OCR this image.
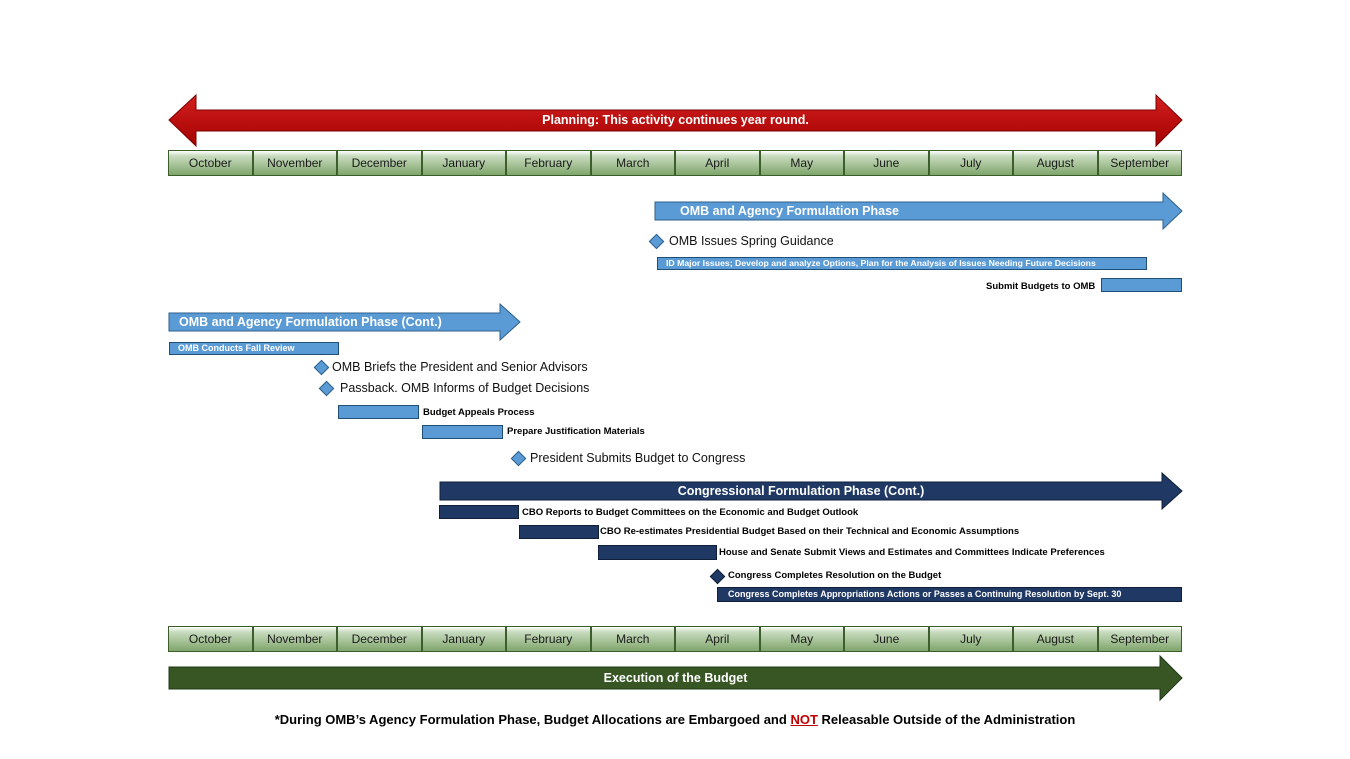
Planning: This activity continues year round.
OMB and Agency Formulation Phase
OMB and Agency Formulation Phase (Cont.)
Congressional Formulation Phase (Cont.)
Execution of the Budget
October	November	December	January	February	March	April	May	June	July	August	September
OMB Issues Spring Guidance
ID Major Issues; Develop and analyze Options, Plan for the Analysis of Issues Needing Future Decisions
Submit Budgets to OMB
OMB Conducts Fall Review
OMB Briefs the President and Senior Advisors
Passback. OMB Informs of Budget Decisions
Budget Appeals Process
Prepare Justification Materials
President Submits Budget to Congress
CBO Reports to Budget Committees on the Economic and Budget Outlook
CBO Re-estimates Presidential Budget Based on their Technical and Economic Assumptions
House and Senate Submit Views and Estimates and Committees Indicate Preferences
Congress Completes Resolution on the Budget
Congress Completes Appropriations Actions or Passes a Continuing Resolution by Sept. 30
October	November	December	January	February	March	April	May	June	July	August	September
*During OMB’s Agency Formulation Phase, Budget Allocations are Embargoed and NOT Releasable Outside of the Administration
